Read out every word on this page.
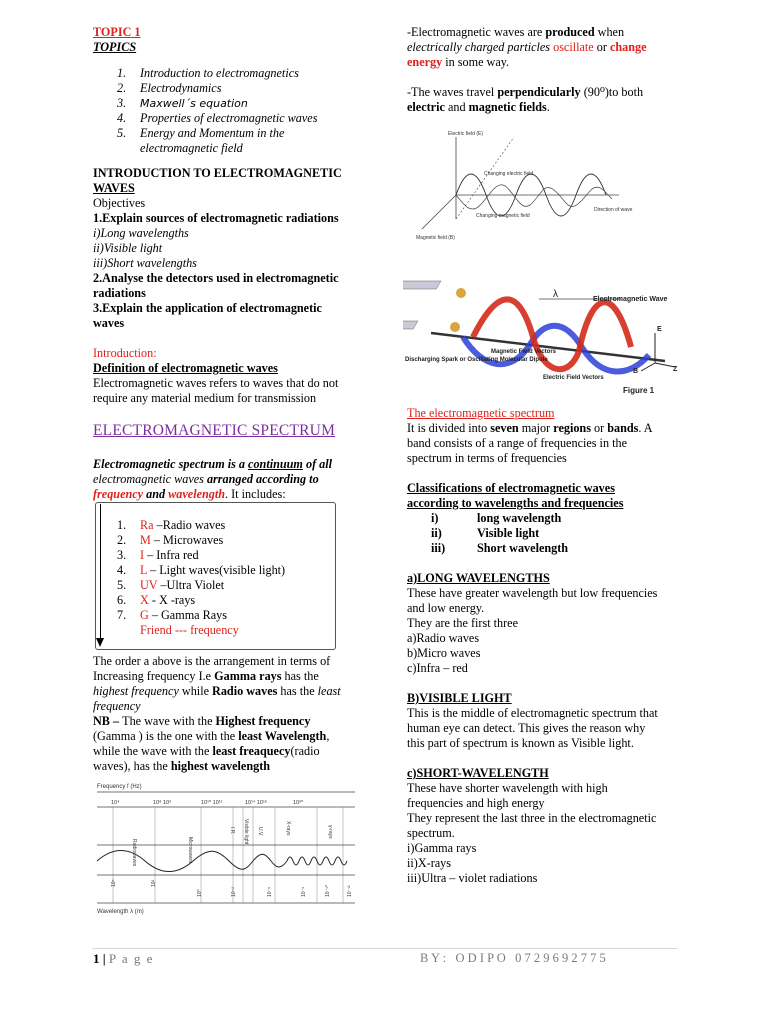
TOPIC 1

TOPICS

1. Introduction to electromagnetics
2. Electrodynamics
3. Maxwell´s equation
4. Properties of electromagnetic waves
5. Energy and Momentum in the
electromagnetic field

INTRODUCTION TO ELECTROMAGNETIC

WAVES

Objectives

1.Explain sources of electromagnetic radiations

i)Long wavelengths

ii)Visible light

iii)Short wavelengths

2.Analyse the detectors used in electromagnetic

radiations

3.Explain the application of electromagnetic

waves

Introduction:

Definition of electromagnetic waves

Electromagnetic waves refers to waves that do not

require any material medium for transmission

ELECTROMAGNETIC SPECTRUM

Electromagnetic spectrum is a continuum of all

electromagnetic waves arranged according to

frequency and wavelength. It includes:

1. Ra –Radio waves
2. M – Microwaves
3. I – Infra red
4. L – Light waves(visible light)
5. UV –Ultra Violet
6. X - X -rays
7. G – Gamma Rays
Friend --- frequency

The order a above is the arrangement in terms of

Increasing frequency I.e Gamma rays has the

highest frequency while Radio waves has the least

frequency

NB – The wave with the Highest frequency

(Gamma ) is the one with the least Wavelength,

while the wave with the least freaquecy(radio

waves), has the highest wavelength

Frequency f (Hz)
10⁴	10⁸ 10⁹	10¹⁰ 10¹¹	10¹⁴ 10¹⁶	10²⁰
Radiowaves	Microwaves
I.R. Visible light U.V.	X-rays	γ-rays
10⁴	10²
10⁰	10⁻²	10⁻⁶	10⁻⁸	10⁻¹⁰	10⁻¹²
Wavelength λ (m)

-Electromagnetic waves are produced when

electrically charged particles oscillate or change

energy in some way.

-The waves travel perpendicularly (90⁰)to both

electric and magnetic fields.

Electric field (E)
Changing electric field
Changing magnetic field
Direction of wave
Magnetic field (B)
λ	Electromagnetic Wave
E
B	Z
Magnetic Field Vectors
Discharging Spark or Oscillating Molecular Dipole
Electric Field Vectors
Figure 1

The electromagnetic spectrum

It is divided into seven major regions or bands. A

band consists of a range of frequencies in the

spectrum in terms of frequencies

Classifications of electromagnetic waves

according to wavelengths and frequencies

i)	long wavelength
ii)	Visible light
iii)	Short wavelength

a)LONG WAVELENGTHS

These have greater wavelength but low frequencies

and low energy.

They are the first three

a)Radio waves

b)Micro waves

c)Infra – red

B)VISIBLE LIGHT

This is the middle of electromagnetic spectrum that

human eye can detect. This gives the reason why

this part of spectrum is known as Visible light.

c)SHORT-WAVELENGTH

These have shorter wavelength with high

frequencies and high energy

They represent the last three in the electromagnetic

spectrum.

i)Gamma rays

ii)X-rays

iii)Ultra – violet radiations

1 | P a g e	B Y :   O D I P O   0 7 2 9 6 9 2 7 7 5
